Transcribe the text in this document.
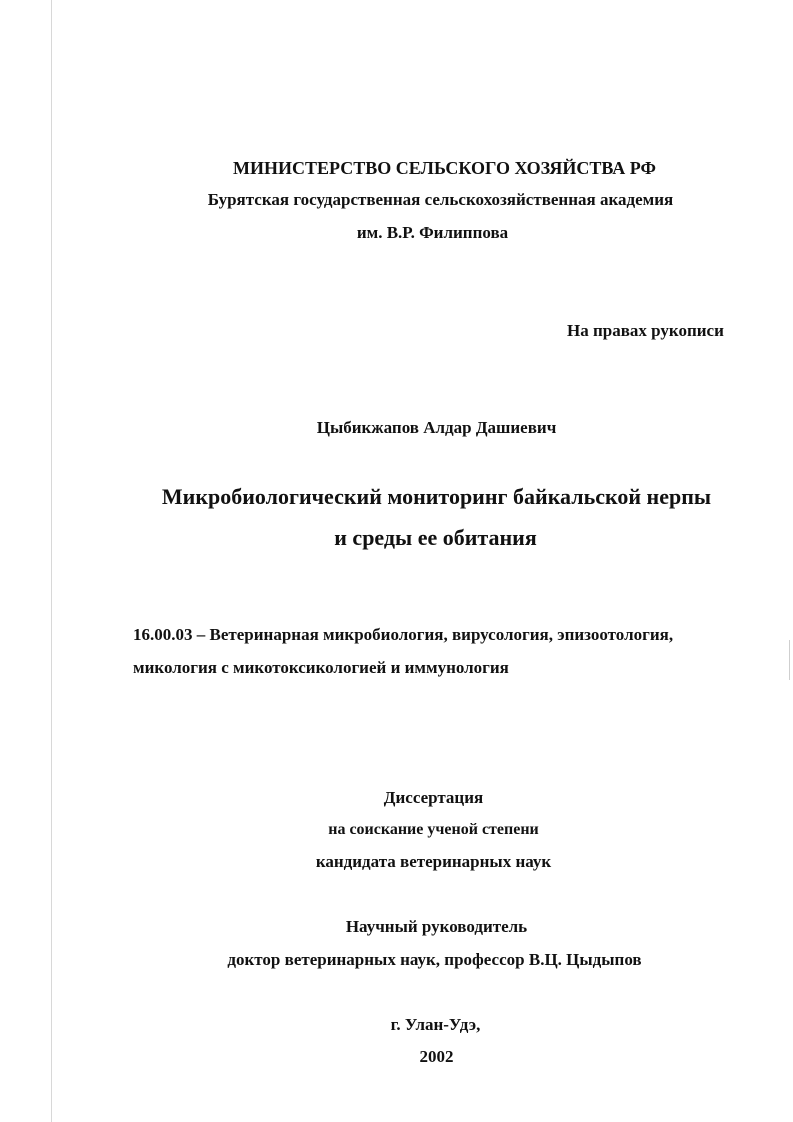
МИНИСТЕРСТВО СЕЛЬСКОГО ХОЗЯЙСТВА РФ
Бурятская государственная сельскохозяйственная академия
им. В.Р. Филиппова
На правах рукописи
Цыбикжапов Алдар Дашиевич
Микробиологический мониторинг байкальской нерпы
и среды ее обитания
16.00.03 – Ветеринарная микробиология, вирусология, эпизоотология,
микология с микотоксикологией и иммунология
Диссертация
на соискание ученой степени
кандидата ветеринарных наук
Научный руководитель
доктор ветеринарных наук, профессор В.Ц. Цыдыпов
г. Улан-Удэ,
2002
